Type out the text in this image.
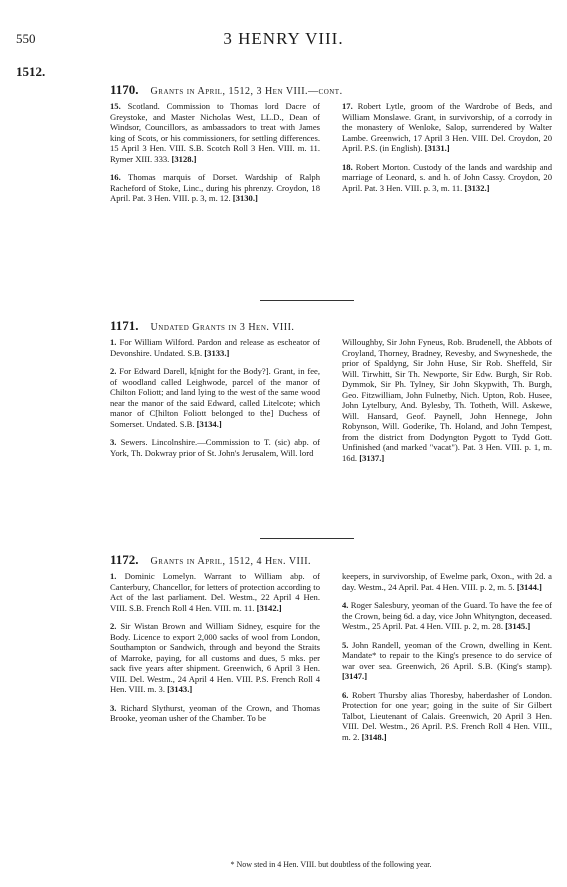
550	3 HENRY VIII.
1512.
1170. Grants in April, 1512, 3 Hen VIII.—cont.
15. Scotland. Commission to Thomas lord Dacre of Greystoke, and Master Nicholas West, LL.D., Dean of Windsor, Councillors, as ambassadors to treat with James king of Scots, or his commissioners, for settling differences. 15 April 3 Hen. VIII. S.B. Scotch Roll 3 Hen. VIII. m. 11. Rymer XIII. 333. [3128.]
16. Thomas marquis of Dorset. Wardship of Ralph Racheford of Stoke, Linc., during his phrenzy. Croydon, 18 April. Pat. 3 Hen. VIII. p. 3, m. 12. [3130.]
17. Robert Lytle, groom of the Wardrobe of Beds, and William Monslawe. Grant, in survivorship, of a corrody in the monastery of Wenloke, Salop, surrendered by Walter Lambe. Greenwich, 17 April 3 Hen. VIII. Del. Croydon, 20 April. P.S. (in English). [3131.]
18. Robert Morton. Custody of the lands and wardship and marriage of Leonard, s. and h. of John Cassy. Croydon, 20 April. Pat. 3 Hen. VIII. p. 3, m. 11. [3132.]
1171. Undated Grants in 3 Hen. VIII.
1. For William Wilford. Pardon and release as escheator of Devonshire. Undated. S.B. [3133.]
2. For Edward Darell, k[night for the Body?]. Grant, in fee, of woodland called Leighwode, parcel of the manor of Chilton Foliott; and land lying to the west of the same wood near the manor of the said Edward, called Litelcote; which manor of C[hilton Foliott belonged to the] Duchess of Somerset. Undated. S.B. [3134.]
3. Sewers. Lincolnshire.—Commission to T. (sic) abp. of York, Th. Dokwray prior of St. John's Jerusalem, Will. lord
Willoughby, Sir John Fyneus, Rob. Brudenell, the Abbots of Croyland, Thorney, Bradney, Revesby, and Swyneshede, the prior of Spaldyng, Sir John Huse, Sir Rob. Sheffeld, Sir Will. Tirwhitt, Sir Th. Newporte, Sir Edw. Burgh, Sir Rob. Dymmok, Sir Ph. Tylney, Sir John Skypwith, Th. Burgh, Geo. Fitzwilliam, John Fulnetby, Nich. Upton, Rob. Husee, John Lytelbury, And. Bylesby, Th. Totheth, Will. Askewe, Will. Hansard, Geof. Paynell, John Hennege, John Robynson, Will. Goderike, Th. Holand, and John Tempest, from the district from Dodyngton Pygott to Tydd Gott. Unfinished (and marked "vacat"). Pat. 3 Hen. VIII. p. 1, m. 16d. [3137.]
1172. Grants in April, 1512, 4 Hen. VIII.
1. Dominic Lomelyn. Warrant to William abp. of Canterbury, Chancellor, for letters of protection according to Act of the last parliament. Del. Westm., 22 April 4 Hen. VIII. S.B. French Roll 4 Hen. VIII. m. 11. [3142.]
2. Sir Wistan Brown and William Sidney, esquire for the Body. Licence to export 2,000 sacks of wool from London, Southampton or Sandwich, through and beyond the Straits of Marroke, paying, for all customs and dues, 5 mks. per sack five years after shipment. Greenwich, 6 April 3 Hen. VIII. Del. Westm., 24 April 4 Hen. VIII. P.S. French Roll 4 Hen. VIII. m. 3. [3143.]
3. Richard Slythurst, yeoman of the Crown, and Thomas Brooke, yeoman usher of the Chamber. To be
keepers, in survivorship, of Ewelme park, Oxon., with 2d. a day. Westm., 24 April. Pat. 4 Hen. VIII. p. 2, m. 5. [3144.]
4. Roger Salesbury, yeoman of the Guard. To have the fee of the Crown, being 6d. a day, vice John Whityngton, deceased. Westm., 25 April. Pat. 4 Hen. VIII. p. 2, m. 28. [3145.]
5. John Randell, yeoman of the Crown, dwelling in Kent. Mandate* to repair to the King's presence to do service of war over sea. Greenwich, 26 April. S.B. (King's stamp). [3147.]
6. Robert Thursby alias Thoresby, haberdasher of London. Protection for one year; going in the suite of Sir Gilbert Talbot, Lieutenant of Calais. Greenwich, 20 April 3 Hen. VIII. Del. Westm., 26 April. P.S. French Roll 4 Hen. VIII., m. 2. [3148.]
* Now sted in 4 Hen. VIII. but doubtless of the following year.
